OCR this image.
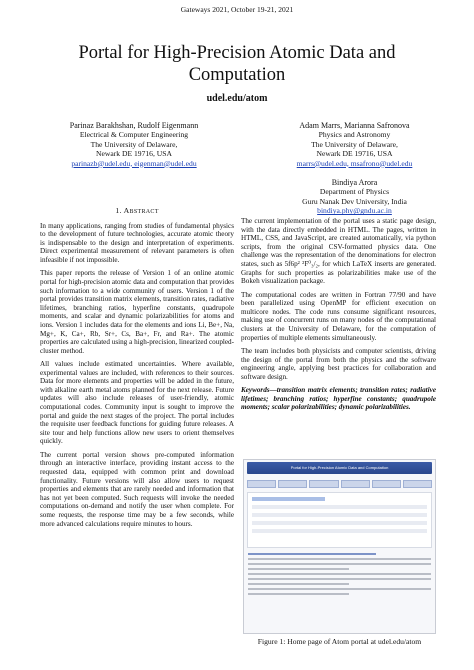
Gateways 2021, October 19-21, 2021
Portal for High-Precision Atomic Data and Computation
udel.edu/atom
Parinaz Barakhshan, Rudolf Eigenmann
Electrical & Computer Engineering
The University of Delaware,
Newark DE 19716, USA
parinazb@udel.edu, eigenman@udel.edu
Adam Marrs, Marianna Safronova
Physics and Astronomy
The University of Delaware,
Newark DE 19716, USA
marrs@udel.edu, msafrono@udel.edu
Bindiya Arora
Department of Physics
Guru Nanak Dev University, India
bindiya.phy@gndu.ac.in
1. ABSTRACT

In many applications, ranging from studies of fundamental physics to the development of future technologies, accurate atomic theory is indispensable to the design and interpretation of experiments. Direct experimental measurement of relevant parameters is often infeasible if not impossible.

This paper reports the release of Version 1 of an online atomic portal for high-precision atomic data and computation that provides such information to a wide community of users. Version 1 of the portal provides transition matrix elements, transition rates, radiative lifetimes, branching ratios, hyperfine constants, quadrupole moments, and scalar and dynamic polarizabilities for atoms and ions. Version 1 includes data for the elements and ions Li, Be+, Na, Mg+, K, Ca+, Rb, Sr+, Cs, Ba+, Fr, and Ra+. The atomic properties are calculated using a high-precision, linearized coupled-cluster method.

All values include estimated uncertainties. Where available, experimental values are included, with references to their sources. Data for more elements and properties will be added in the future, with alkaline earth metal atoms planned for the next release. Future updates will also include releases of user-friendly, atomic computational codes. Community input is sought to improve the portal and guide the next stages of the project. The portal includes the requisite user feedback functions for guiding future releases. A site tour and help functions allow new users to orient themselves quickly.

The current portal version shows pre-computed information through an interactive interface, providing instant access to the requested data, equipped with common print and download functionality. Future versions will also allow users to request properties and elements that are rarely needed and information that has not yet been computed. Such requests will invoke the needed computations on-demand and notify the user when complete. For some requests, the response time may be a few seconds, while more advanced calculations require minutes to hours.

The current implementation of the portal uses a static page design, with the data directly embedded in HTML. The pages, written in HTML, CSS, and JavaScript, are created automatically, via python scripts, from the original CSV-formatted physics data. One challenge was the representation of the denominations for electron states, such as 5f6p² ²F⁰₃/₂, for which LaTeX inserts are generated. Graphs for such properties as polarizabilities make use of the Bokeh visualization package.

The computational codes are written in Fortran 77/90 and have been parallelized using OpenMP for efficient execution on multicore nodes. The code runs consume significant resources, making use of concurrent runs on many nodes of the computational clusters at the University of Delaware, for the computation of properties of multiple elements simultaneously.

The team includes both physicists and computer scientists, driving the design of the portal from both the physics and the software engineering angle, applying best practices for collaboration and software design.

Keywords—transition matrix elements; transition rates; radiative lifetimes; branching ratios; hyperfine constants; quadrupole moments; scalar polarizabilities; dynamic polarizabilities.

Portal for High-Precision Atomic Data and Computation
Figure 1: Home page of Atom portal at udel.edu/atom
